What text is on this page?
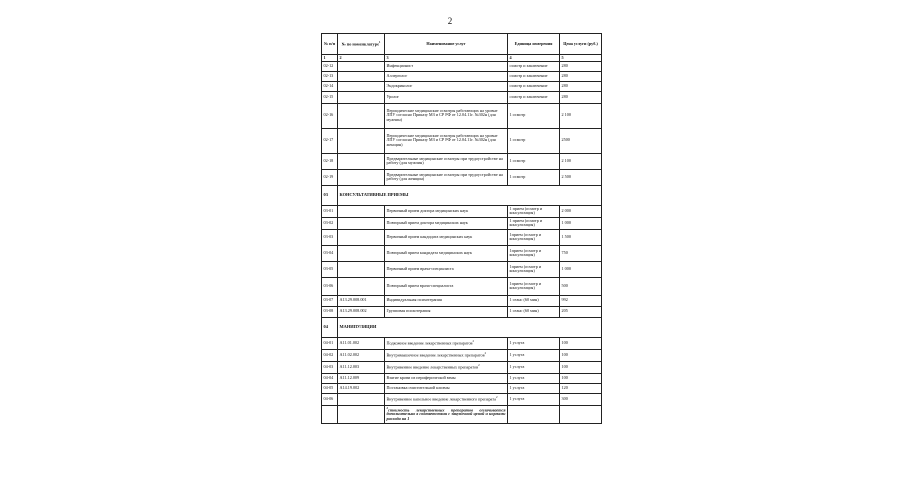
2
№ п/п	№ по номенклатуре$^1$	Наименование услуг	Единица измерения	Цена услуги (руб.)
1	2	3	4	5
02-12		Инфекционист	осмотр и заключение	280
02-13		Аллерголог	осмотр и заключение	280
02-14		Эндокринолог	осмотр и заключение	280
02-15		Уролог	осмотр и заключение	280
02-16		Периодические медицинские осмотры работающих на уровне ЛПУ согласно Приказу МЗ и СР РФ от 12.04.11г. №302н (для мужчин)	1 осмотр	2 100
02-17		Периодические медицинские осмотры работающих на уровне ЛПУ согласно Приказу МЗ и СР РФ от 12.04.11г. №302н (для женщин)	1 осмотр	2500
02-18		Предварительные медицинские осмотры при трудоустройстве на работу (для мужчин)	1 осмотр	2 100
02-19		Предварительные медицинские осмотры при трудоустройстве на работу (для женщин)	1 осмотр	2 500
03	КОНСУЛЬТАТИВНЫЕ ПРИЕМЫ			
03-01		Первичный прием доктора медицинских наук	1 прием (осмотр и консультация)	2 000
03-02		Повторный прием доктора медицинских наук	1 прием (осмотр и консультация)	1 000
03-03		Первичный прием кандидата медицинских наук	1прием (осмотр и консультация)	1 500
03-04		Повторный прием кандидата медицинских наук	1прием (осмотр и консультация)	750
03-05		Первичный прием врача-специалиста	1прием (осмотр и консультация)	1 000
03-06		Повторный прием врача-специалиста	1прием (осмотр и консультация)	500
03-07	A13.29.008.001	Индивидуальная психотерапия	1 сеанс (60 мин)	992
03-08	A13.29.008.002	Групповая психотерапия	1 сеанс (60 мин)	205
04	МАНИПУЛЯЦИИ			
04-01	A11.01.002	Подкожное введение лекарственных препаратов$^2$	1 услуга	100
04-02	A11.02.002	Внутримышечное введение лекарственных препаратов$^2$	1 услуга	100
04-03	A11.12.003	Внутривенное введение лекарственных препаратов$^2$	1 услуга	100
04-04	A11.12.009	Взятие крови из периферической вены	1 услуга	100
04-05	A14.19.002	Постановка очистительной клизмы	1 услуга	120
04-06		Внутривенное капельное введение лекарственного препарата$^2$	1 услуга	300
		$^2$стоимость лекарственных препаратов оплачивается дополнительно в соответствии с закупочной ценой и нормами расхода на 1		
